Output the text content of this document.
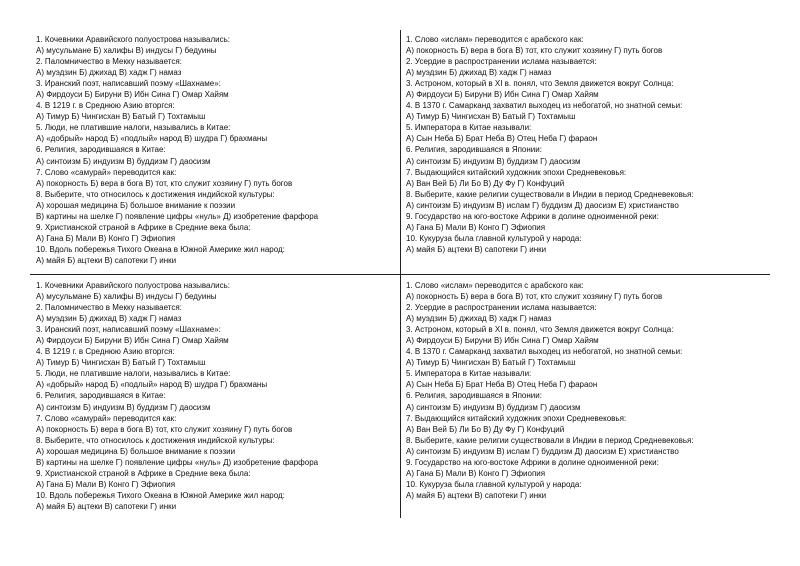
1. Кочевники Аравийского полуострова назывались:
А) мусульмане Б) халифы В) индусы Г) бедуины
2. Паломничество в Мекку называется:
А) муэдзин Б) джихад В) хадж Г) намаз
3. Иранский поэт, написавший поэму «Шахнаме»:
А) Фирдоуси Б) Бируни В) Ибн Сина Г) Омар Хайям
4. В 1219 г. в Среднюю Азию вторгся:
А) Тимур Б) Чингисхан В) Батый Г) Тохтамыш
5. Люди, не платившие налоги, назывались в Китае:
А) «добрый» народ Б) «подлый» народ В) шудра Г) брахманы
6. Религия, зародившаяся в Китае:
А) синтоизм Б) индуизм В) буддизм Г) даосизм
7. Слово «самурай» переводится как:
А) покорность Б) вера в бога В) тот, кто служит хозяину Г) путь богов
8. Выберите, что относилось к достижения индийской культуры:
А) хорошая медицина Б) большое внимание к поэзии
В) картины на шелке Г) появление цифры «нуль» Д) изобретение фарфора
9. Христианской страной в Африке в Средние века была:
А) Гана Б) Мали В) Конго Г) Эфиопия
10. Вдоль побережья Тихого Океана в Южной Америке жил народ:
А) майя Б) ацтеки В) сапотеки Г) инки
1. Слово «ислам» переводится с арабского как:
А) покорность Б) вера в бога В) тот, кто служит хозяину Г) путь богов
2. Усердие в распространении ислама называется:
А) муэдзин Б) джихад В) хадж Г) намаз
3. Астроном, который в XI в. понял, что Земля движется вокруг Солнца:
А) Фирдоуси Б) Бируни В) Ибн Сина Г) Омар Хайям
4. В 1370 г. Самарканд захватил выходец из небогатой, но знатной семьи:
А) Тимур Б) Чингисхан В) Батый Г) Тохтамыш
5. Императора в Китае называли:
А) Сын Неба Б) Брат Неба В) Отец Неба Г) фараон
6. Религия, зародившаяся в Японии:
А) синтоизм Б) индуизм В) буддизм Г) даосизм
7. Выдающийся китайский художник эпохи Средневековья:
А) Ван Вей Б) Ли Бо В) Ду Фу Г) Конфуций
8. Выберите, какие религии существовали в Индии в период Средневековья:
А) синтоизм Б) индуизм В) ислам Г) буддизм Д) даосизм Е) христианство
9. Государство на юго-востоке Африки в долине одноименной реки:
А) Гана Б) Мали В) Конго Г) Эфиопия
10. Кукуруза была главной культурой у народа:
А) майя Б) ацтеки В) сапотеки Г) инки
1. Кочевники Аравийского полуострова назывались:
А) мусульмане Б) халифы В) индусы Г) бедуины
2. Паломничество в Мекку называется:
А) муэдзин Б) джихад В) хадж Г) намаз
3. Иранский поэт, написавший поэму «Шахнаме»:
А) Фирдоуси Б) Бируни В) Ибн Сина Г) Омар Хайям
4. В 1219 г. в Среднюю Азию вторгся:
А) Тимур Б) Чингисхан В) Батый Г) Тохтамыш
5. Люди, не платившие налоги, назывались в Китае:
А) «добрый» народ Б) «подлый» народ В) шудра Г) брахманы
6. Религия, зародившаяся в Китае:
А) синтоизм Б) индуизм В) буддизм Г) даосизм
7. Слово «самурай» переводится как:
А) покорность Б) вера в бога В) тот, кто служит хозяину Г) путь богов
8. Выберите, что относилось к достижения индийской культуры:
А) хорошая медицина Б) большое внимание к поэзии
В) картины на шелке Г) появление цифры «нуль» Д) изобретение фарфора
9. Христианской страной в Африке в Средние века была:
А) Гана Б) Мали В) Конго Г) Эфиопия
10. Вдоль побережья Тихого Океана в Южной Америке жил народ:
А) майя Б) ацтеки В) сапотеки Г) инки
1. Слово «ислам» переводится с арабского как:
А) покорность Б) вера в бога В) тот, кто служит хозяину Г) путь богов
2. Усердие в распространении ислама называется:
А) муэдзин Б) джихад В) хадж Г) намаз
3. Астроном, который в XI в. понял, что Земля движется вокруг Солнца:
А) Фирдоуси Б) Бируни В) Ибн Сина Г) Омар Хайям
4. В 1370 г. Самарканд захватил выходец из небогатой, но знатной семьи:
А) Тимур Б) Чингисхан В) Батый Г) Тохтамыш
5. Императора в Китае называли:
А) Сын Неба Б) Брат Неба В) Отец Неба Г) фараон
6. Религия, зародившаяся в Японии:
А) синтоизм Б) индуизм В) буддизм Г) даосизм
7. Выдающийся китайский художник эпохи Средневековья:
А) Ван Вей Б) Ли Бо В) Ду Фу Г) Конфуций
8. Выберите, какие религии существовали в Индии в период Средневековья:
А) синтоизм Б) индуизм В) ислам Г) буддизм Д) даосизм Е) христианство
9. Государство на юго-востоке Африки в долине одноименной реки:
А) Гана Б) Мали В) Конго Г) Эфиопия
10. Кукуруза была главной культурой у народа:
А) майя Б) ацтеки В) сапотеки Г) инки
